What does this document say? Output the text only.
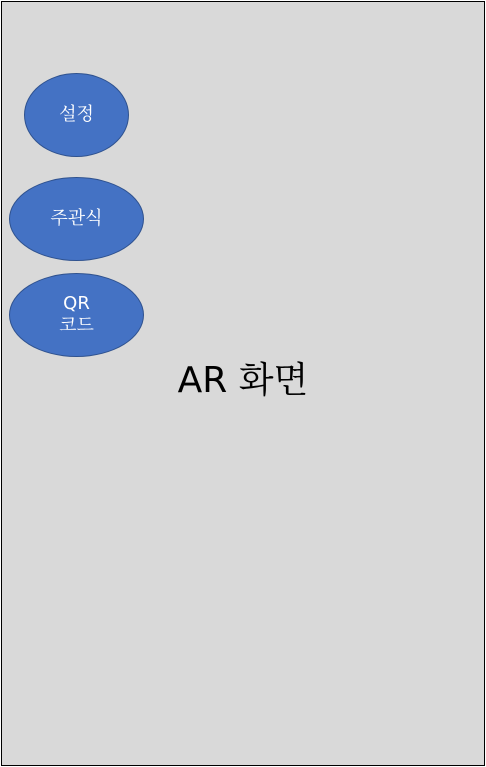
설정
주관식
QR
코드
AR 화면
